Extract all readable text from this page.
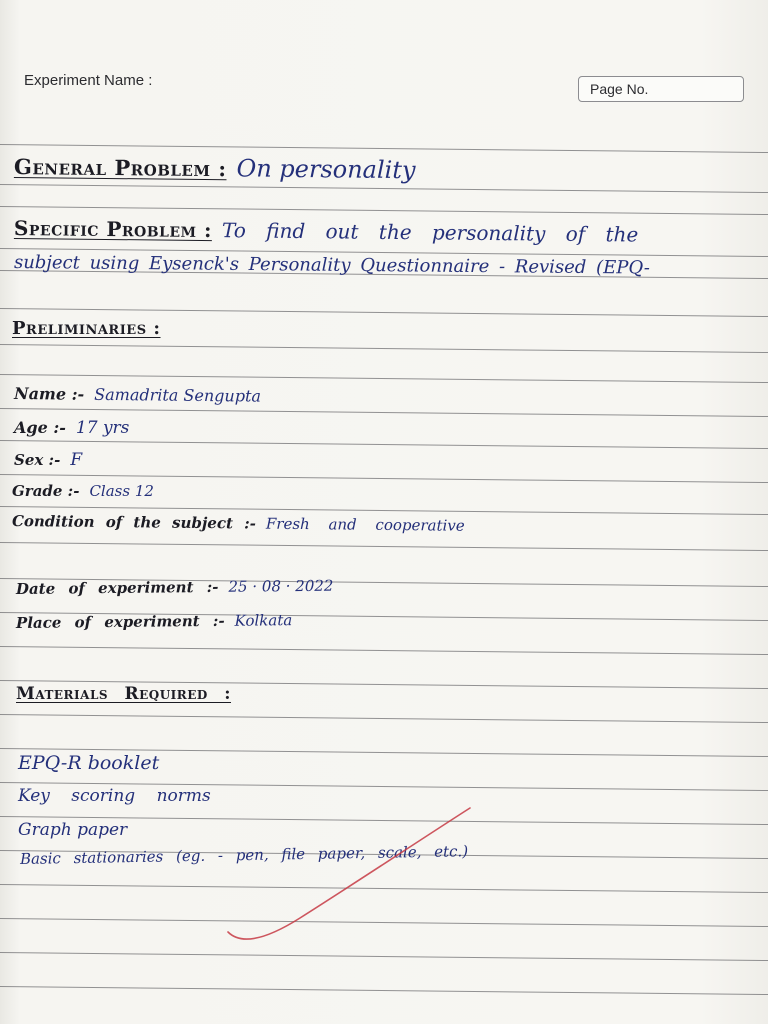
Experiment Name :	Page No.
General Problem : On personality
Specific Problem : To find out the personality of the
subject using Eysenck's Personality Questionnaire - Revised (EPQ-
Preliminaries :
Name :- Samadrita Sengupta
Age :- 17 yrs
Sex :- F
Grade :- Class 12
Condition of the subject :- Fresh and cooperative
Date of experiment :- 25 · 08 · 2022
Place of experiment :- Kolkata
Materials Required :
EPQ-R booklet
Key scoring norms
Graph paper
Basic stationaries (eg. - pen, file paper, scale, etc.)
